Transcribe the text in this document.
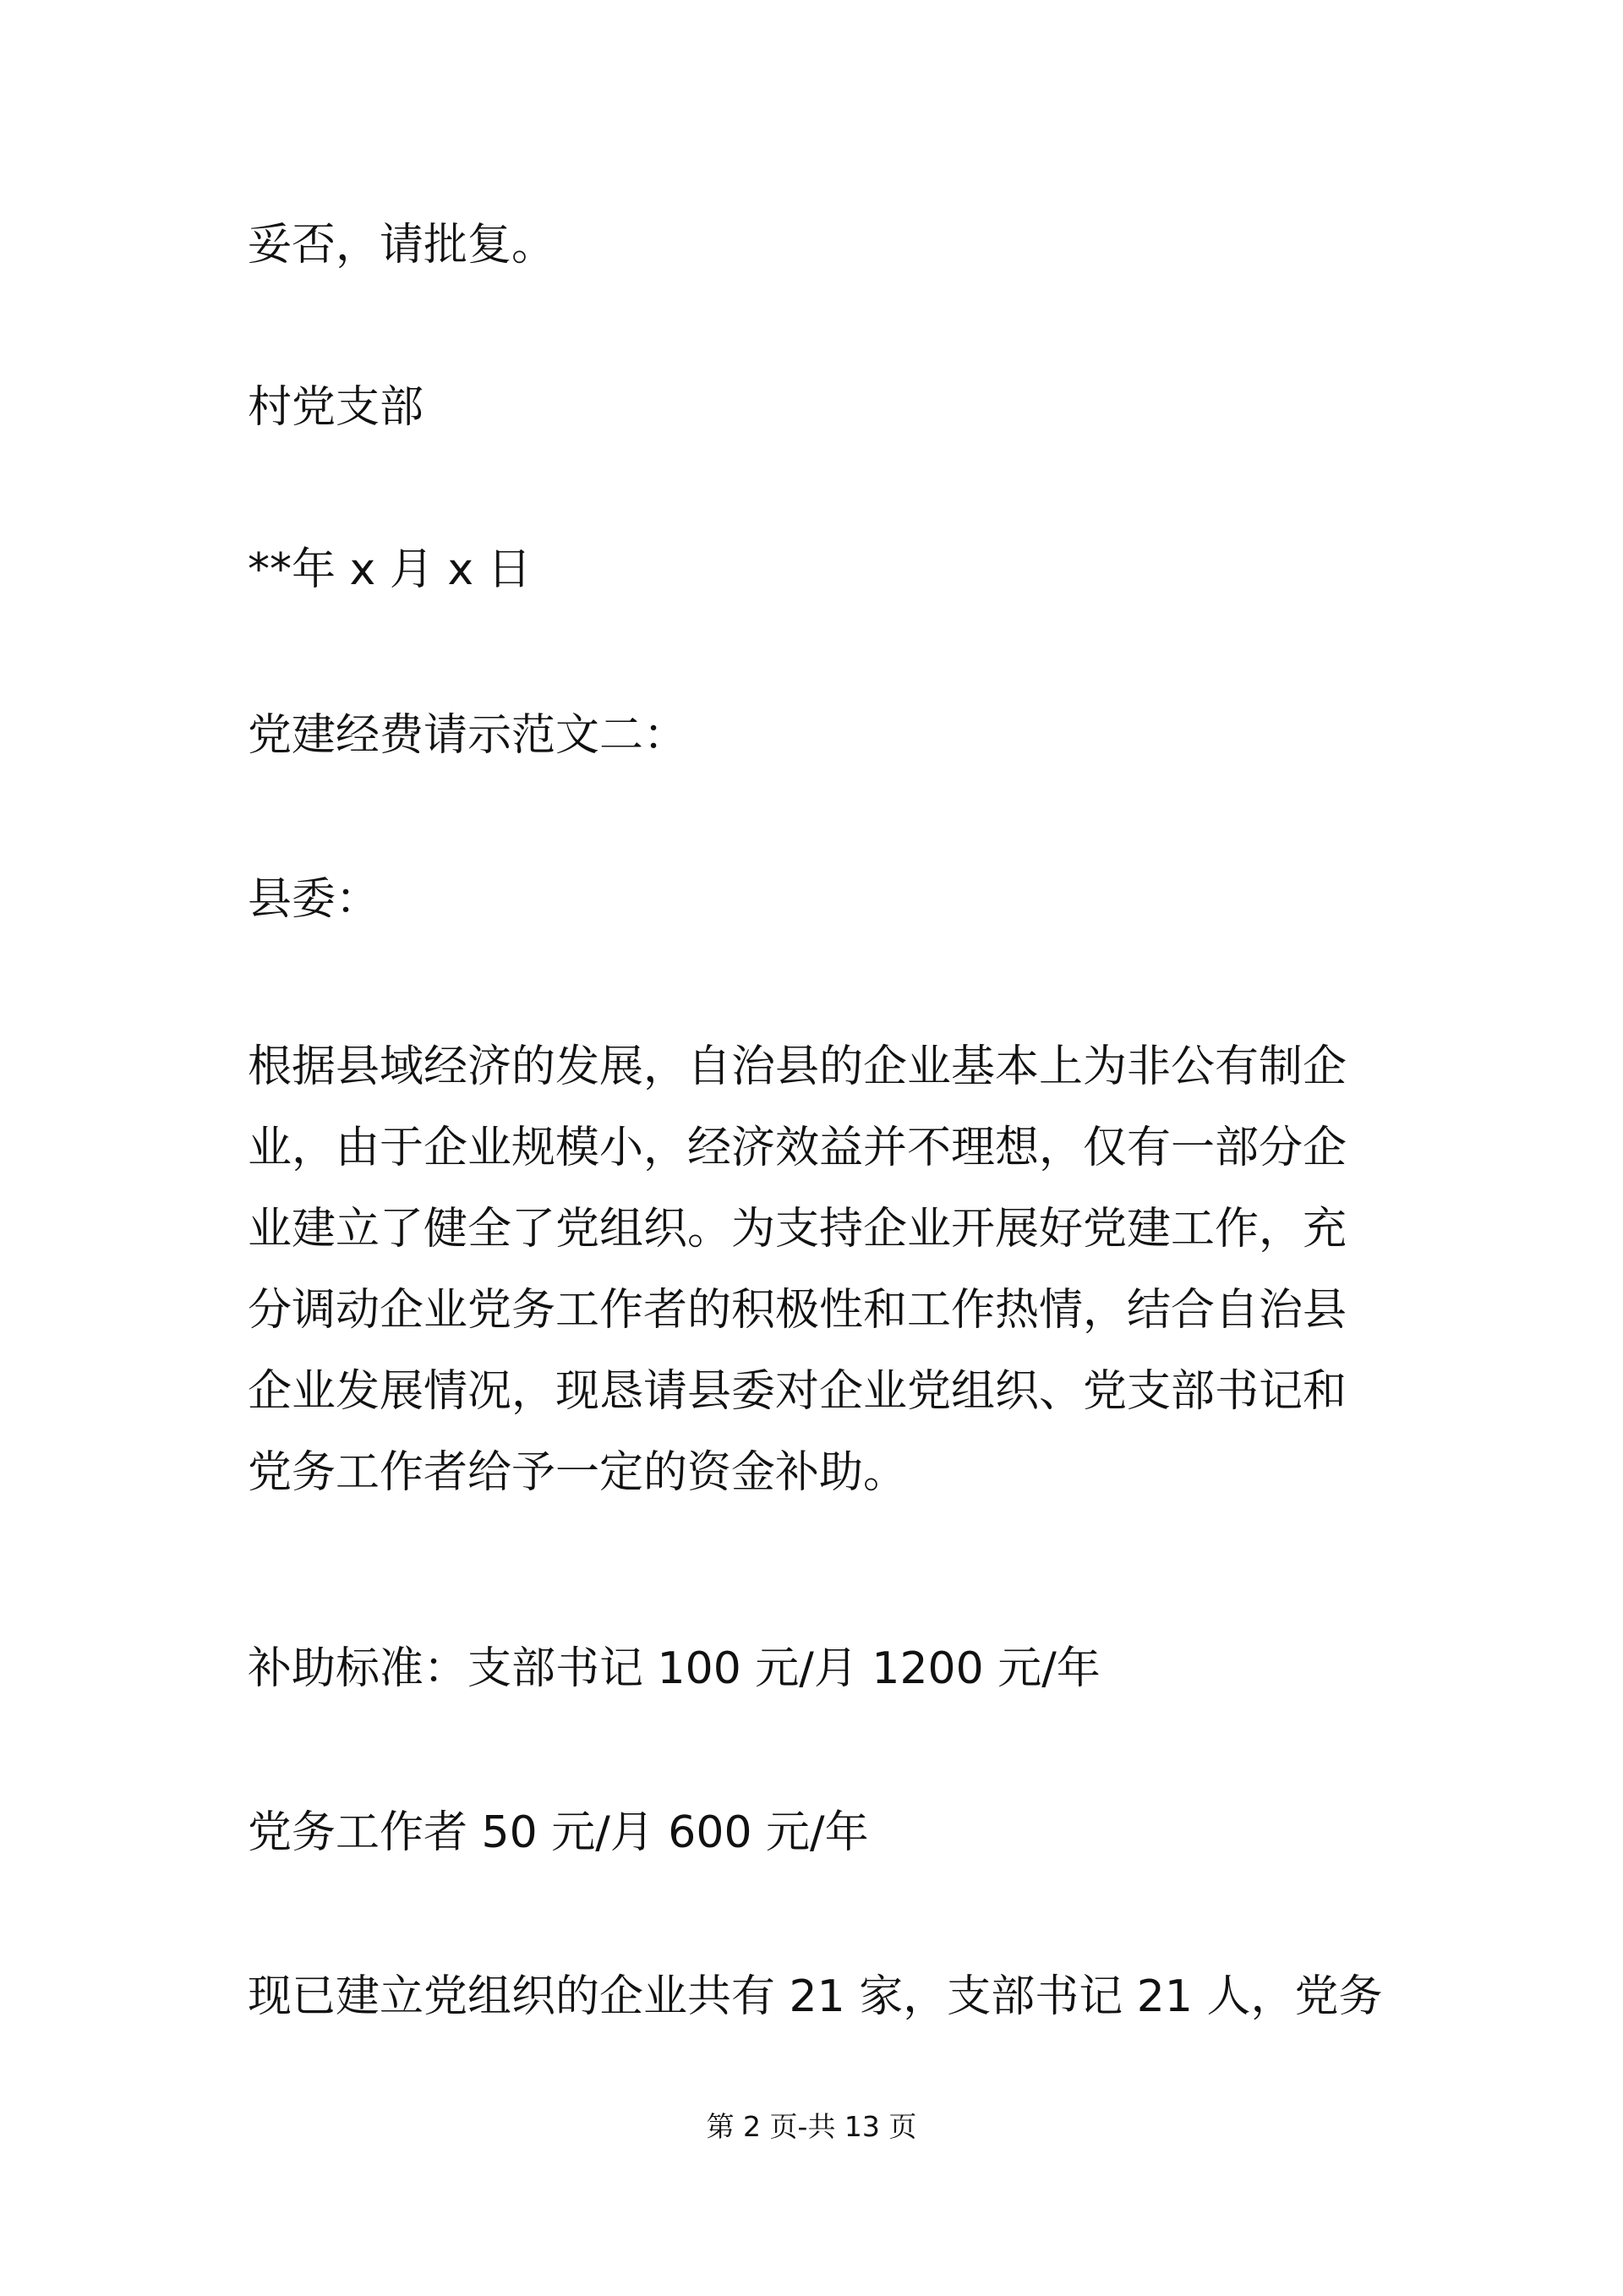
妥否，请批复。
村党支部
**年 x 月 x 日
党建经费请示范文二：
县委：
根据县域经济的发展，自治县的企业基本上为非公有制企
业，由于企业规模小，经济效益并不理想，仅有一部分企
业建立了健全了党组织。为支持企业开展好党建工作，充
分调动企业党务工作者的积极性和工作热情，结合自治县
企业发展情况，现恳请县委对企业党组织、党支部书记和
党务工作者给予一定的资金补助。
补助标准：支部书记 100 元/月 1200 元/年
党务工作者 50 元/月 600 元/年
现已建立党组织的企业共有 21 家，支部书记 21 人，党务
第 2 页-共 13 页
